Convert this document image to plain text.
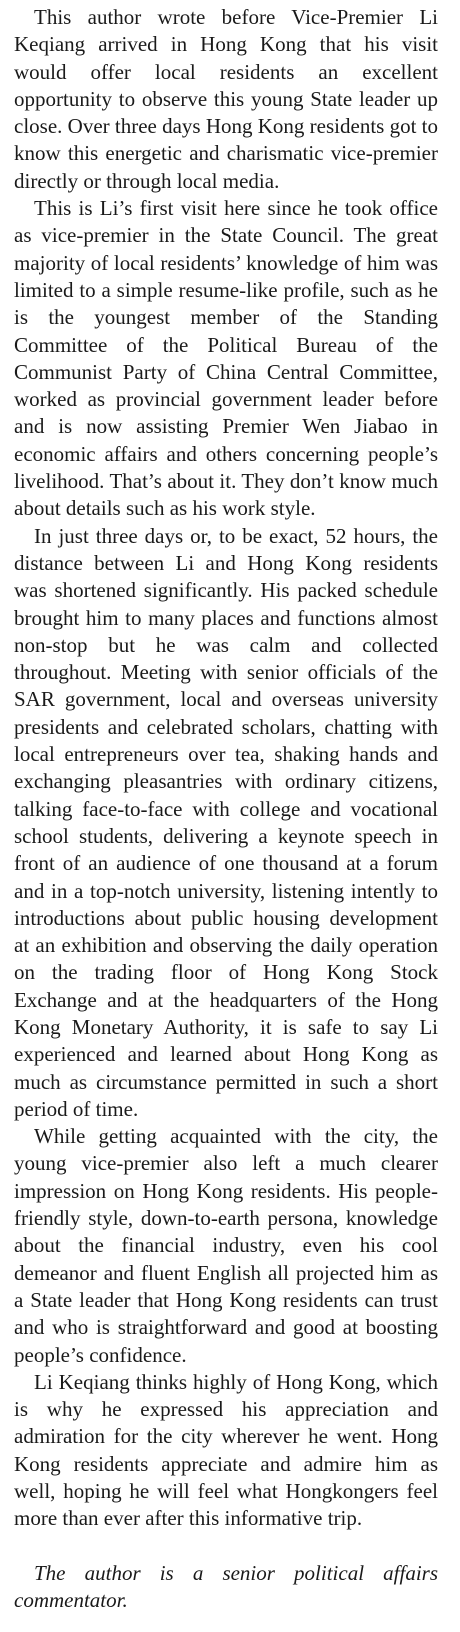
This author wrote before Vice-Premier Li Keqiang arrived in Hong Kong that his visit would offer local residents an excellent opportunity to observe this young State leader up close. Over three days Hong Kong residents got to know this energetic and charismatic vice-premier directly or through local media.

This is Li’s first visit here since he took office as vice-premier in the State Council. The great majority of local residents’ knowledge of him was limited to a simple resume-like profile, such as he is the youngest member of the Standing Committee of the Political Bureau of the Communist Party of China Central Committee, worked as provincial government leader before and is now assisting Premier Wen Jiabao in economic affairs and others concerning people’s livelihood. That’s about it. They don’t know much about details such as his work style.

In just three days or, to be exact, 52 hours, the distance between Li and Hong Kong residents was shortened significantly. His packed schedule brought him to many places and functions almost non-stop but he was calm and collected throughout. Meeting with senior officials of the SAR government, local and overseas university presidents and celebrated scholars, chatting with local entrepreneurs over tea, shaking hands and exchanging pleasantries with ordinary citizens, talking face-to-face with college and vocational school students, delivering a keynote speech in front of an audience of one thousand at a forum and in a top-notch university, listening intently to introductions about public housing development at an exhibition and observing the daily operation on the trading floor of Hong Kong Stock Exchange and at the headquarters of the Hong Kong Monetary Authority, it is safe to say Li experienced and learned about Hong Kong as much as circumstance permitted in such a short period of time.

While getting acquainted with the city, the young vice-premier also left a much clearer impression on Hong Kong residents. His people-friendly style, down-to-earth persona, knowledge about the financial industry, even his cool demeanor and fluent English all projected him as a State leader that Hong Kong residents can trust and who is straightforward and good at boosting people’s confidence.

Li Keqiang thinks highly of Hong Kong, which is why he expressed his appreciation and admiration for the city wherever he went. Hong Kong residents appreciate and admire him as well, hoping he will feel what Hongkongers feel more than ever after this informative trip.

The author is a senior political affairs commentator.
